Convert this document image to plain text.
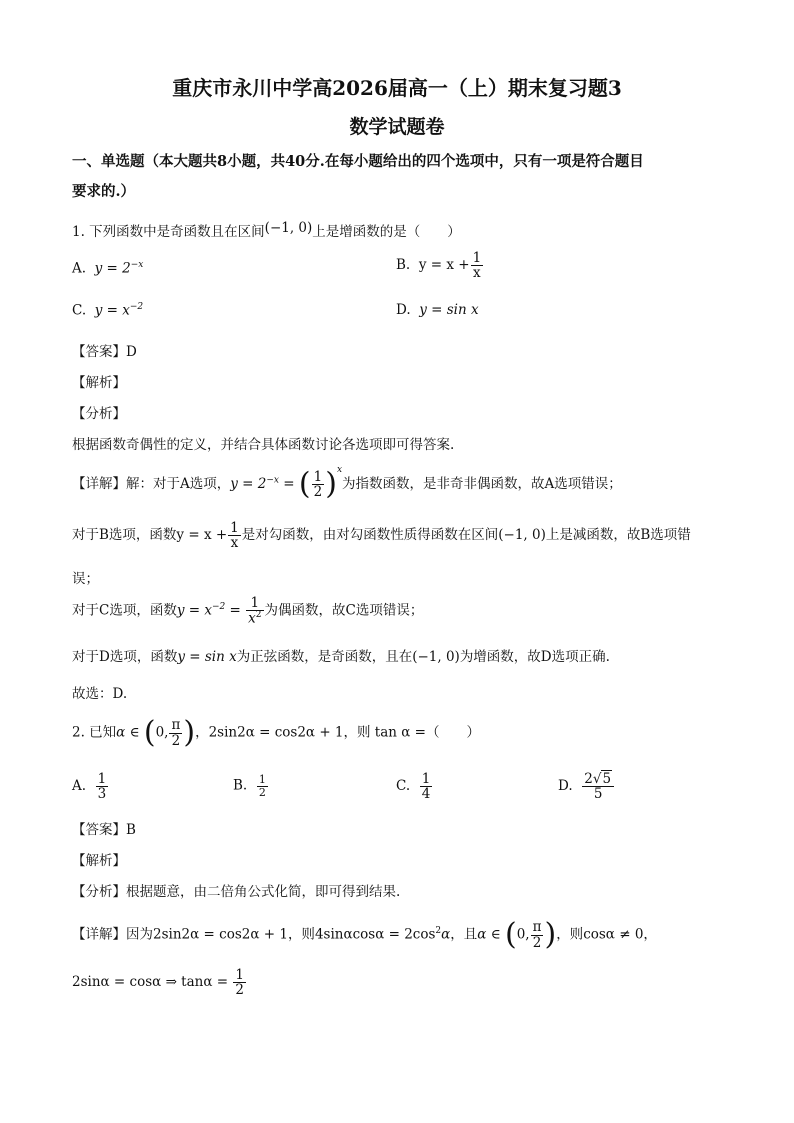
重庆市永川中学高2026届高一（上）期末复习题3
数学试题卷
一、单选题（本大题共8小题，共40分.在每小题给出的四个选项中，只有一项是符合题目
要求的.）
1. 下列函数中是奇函数且在区间(−1, 0)上是增函数的是（　　）
A. $y = 2^{-x}$	B. $y = x + \frac{1}{x}$
C. $y = x^{-2}$	D. y = sin x
【答案】D
【解析】
【分析】
根据函数奇偶性的定义，并结合具体函数讨论各选项即可得答案.
【详解】解：对于A选项，$y = 2^{-x}$ = ( $\frac{1}{2} )^x$为指数函数，是非奇非偶函数，故A选项错误；
对于B选项，函数$y = x + \frac{1}{x}$ 是对勾函数，由对勾函数性质得函数在区间(−1, 0)上是减函数，故B选项错
误；
对于C选项，函数$y = x^{-2} = \frac{1}{x^2}$ 为偶函数，故C选项错误；
对于D选项，函数y = sin x为正弦函数，是奇函数，且在(−1, 0)为增函数，故D选项正确.
故选：D.
2. 已知α ∈ (0, $\frac{\pi}{2}$ )，2sin2α = cos2α + 1，则 tan α =（　　）
A. $\frac{1}{3}$	B. $\frac{1}{2}$	C. $\frac{1}{4}$	D. $\frac{2√5}{5}$
【答案】B
【解析】
【分析】根据题意，由二倍角公式化简，即可得到结果.
【详解】因为2sin2α = cos2α + 1，则$4\sin\alpha\cos\alpha = 2\cos^2\alpha$，且α ∈ (0, $\frac{\pi}{2}$ )，则cosα ≠ 0，
2sinα = cosα ⇒ $\tan\alpha = \frac{1}{2}$
